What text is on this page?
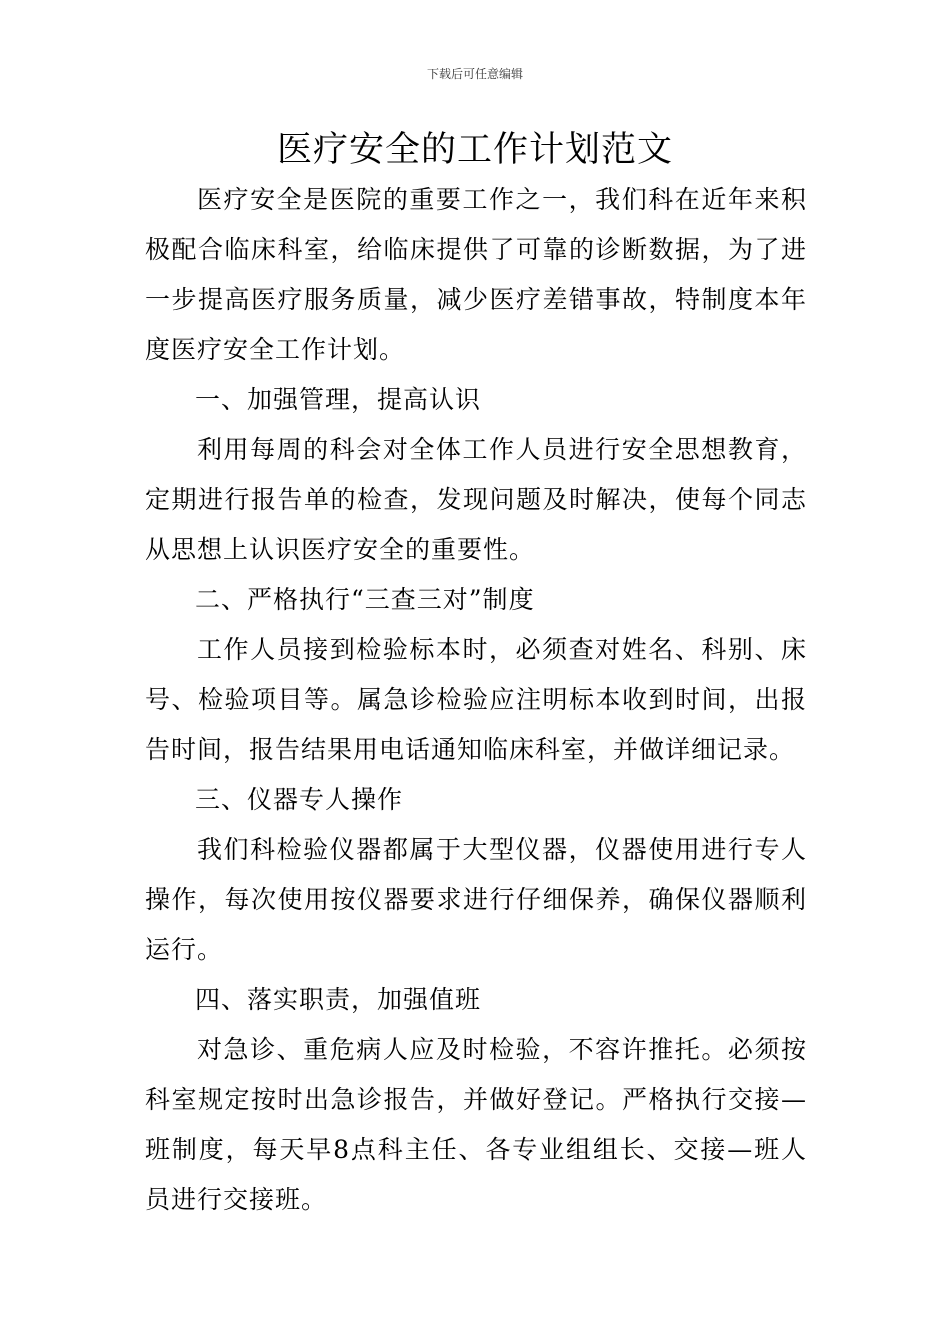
下载后可任意编辑
医疗安全的工作计划范文

医疗安全是医院的重要工作之一，我们科在近年来积极配合临床科室，给临床提供了可靠的诊断数据，为了进一步提高医疗服务质量，减少医疗差错事故，特制度本年度医疗安全工作计划。

一、加强管理，提高认识

利用每周的科会对全体工作人员进行安全思想教育，定期进行报告单的检查，发现问题及时解决，使每个同志从思想上认识医疗安全的重要性。

二、严格执行“三查三对”制度

工作人员接到检验标本时，必须查对姓名、科别、床号、检验项目等。属急诊检验应注明标本收到时间，出报告时间，报告结果用电话通知临床科室，并做详细记录。

三、仪器专人操作

我们科检验仪器都属于大型仪器，仪器使用进行专人操作，每次使用按仪器要求进行仔细保养，确保仪器顺利运行。

四、落实职责，加强值班

对急诊、重危病人应及时检验，不容许推托。必须按科室规定按时出急诊报告，并做好登记。严格执行交接—班制度，每天早8点科主任、各专业组组长、交接—班人员进行交接班。
